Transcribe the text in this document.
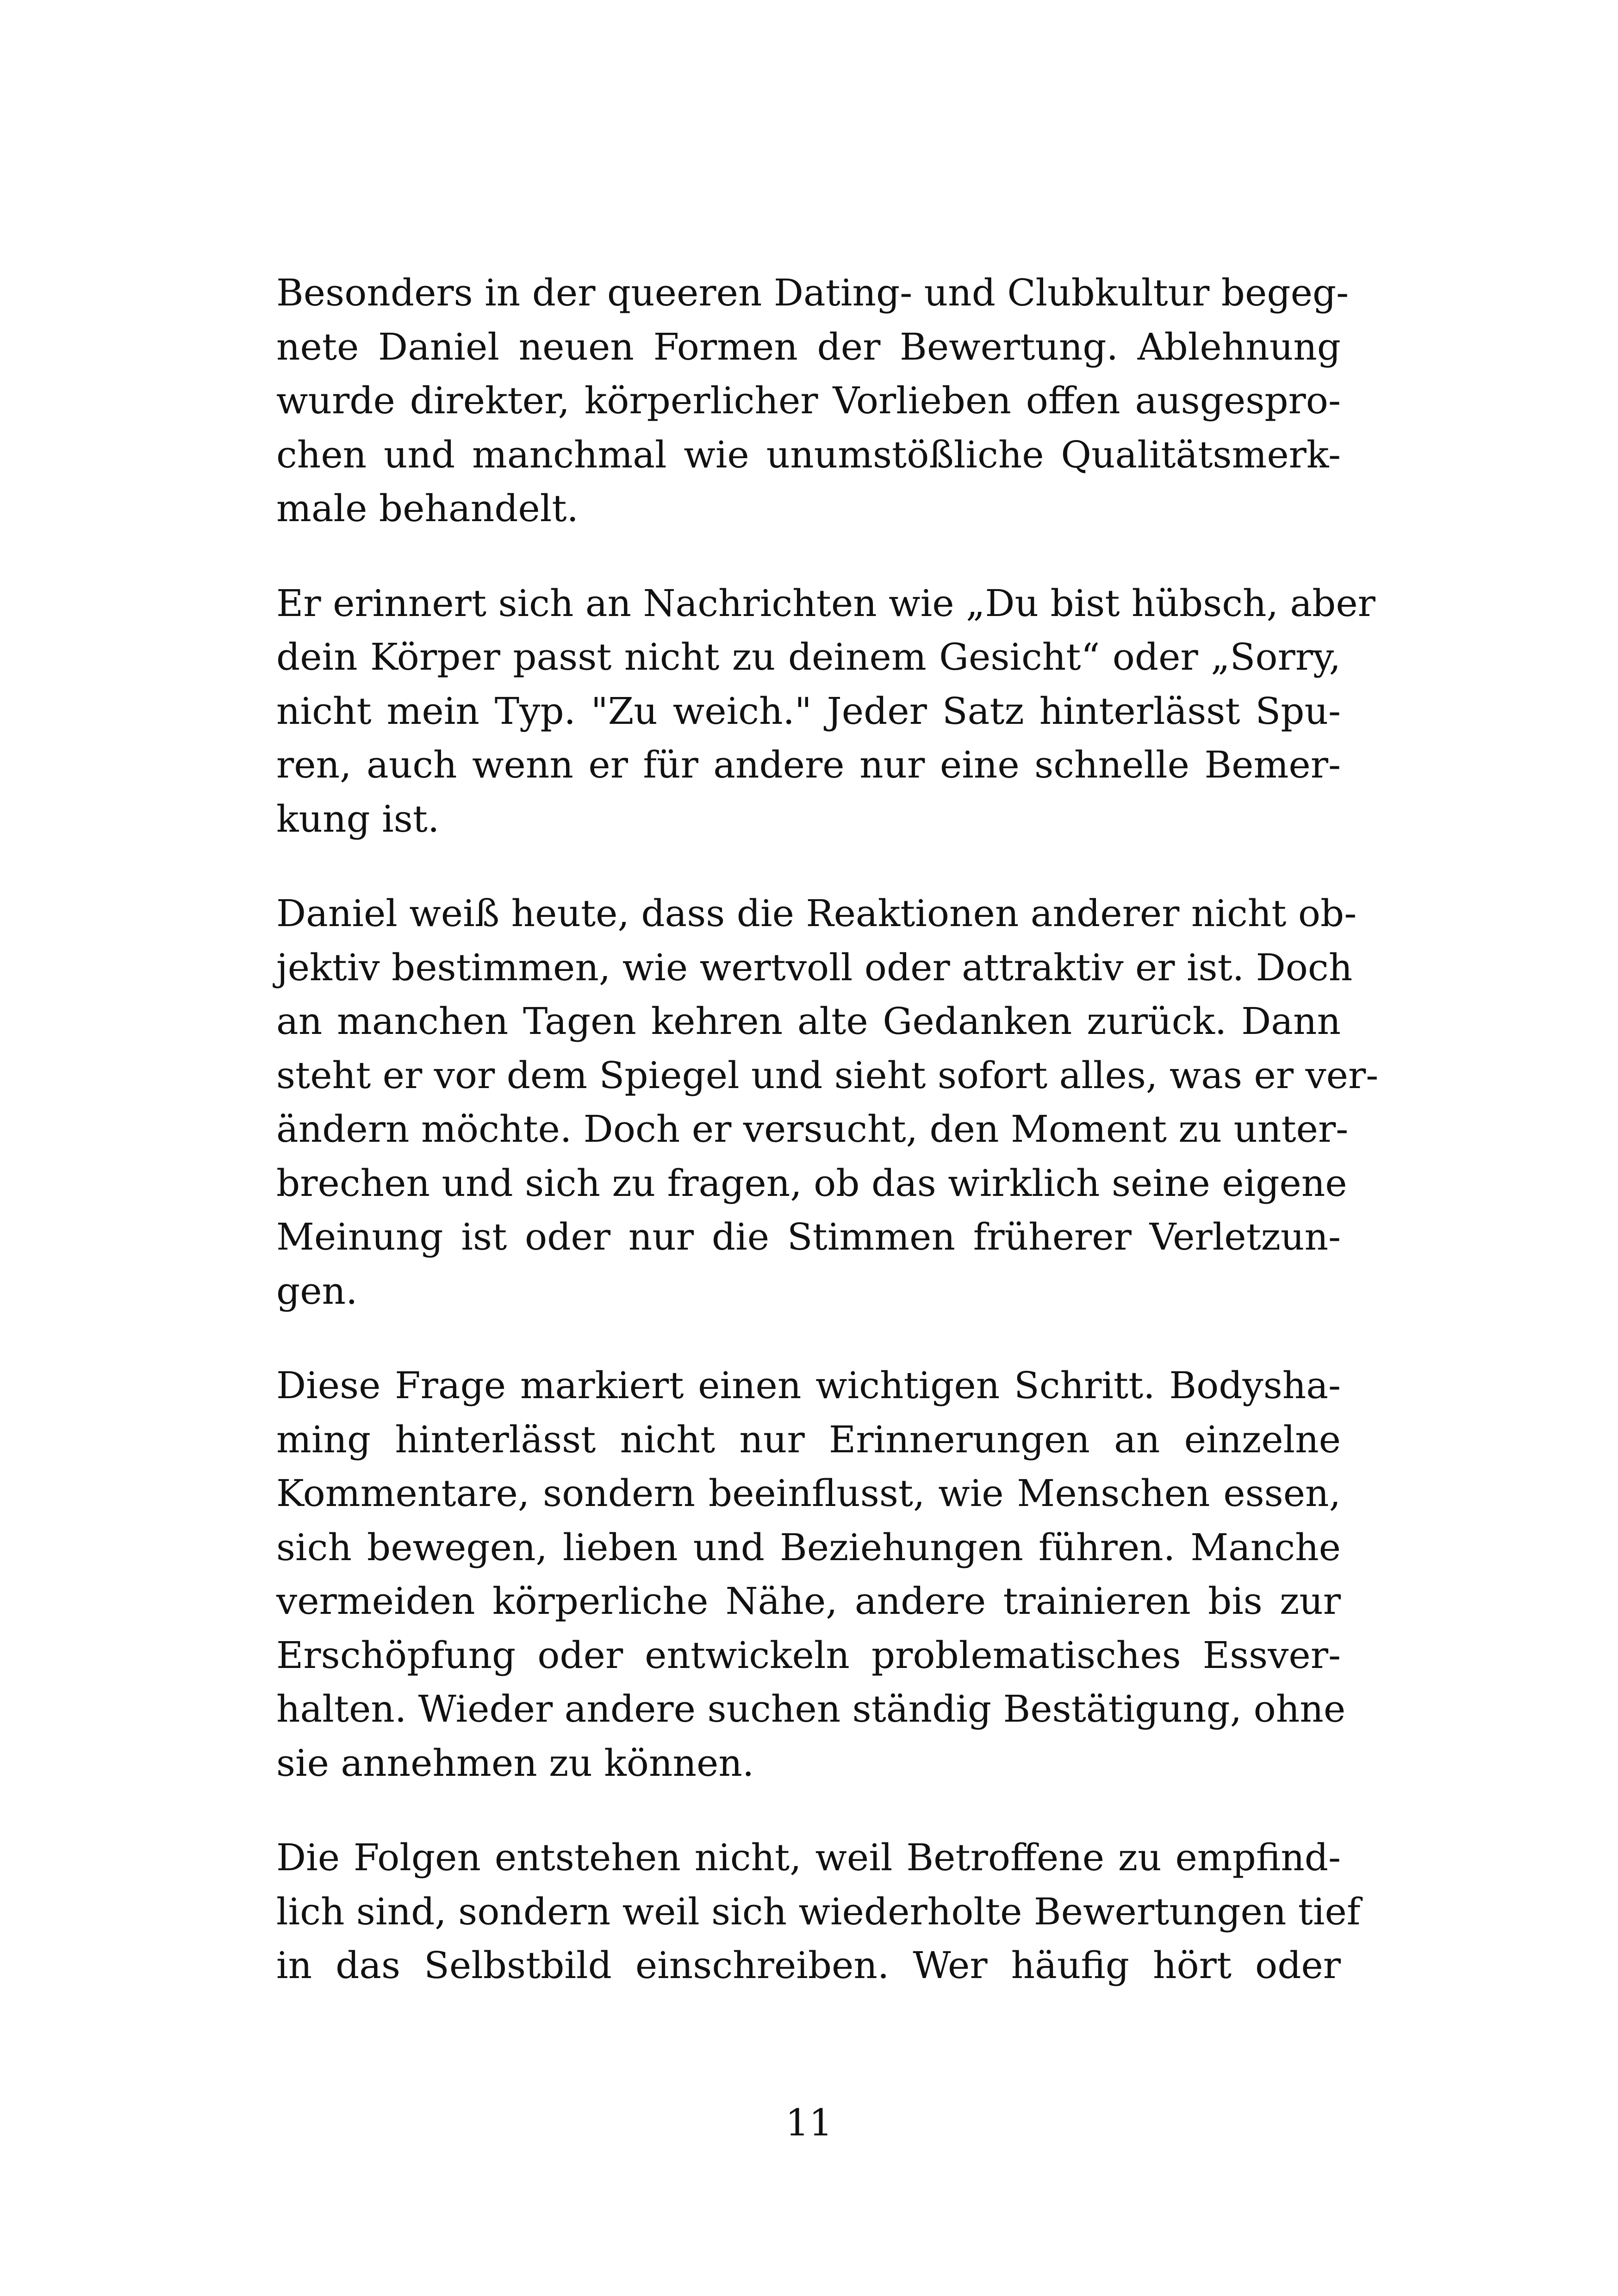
Besonders in der queeren Dating- und Clubkultur begeg-
nete Daniel neuen Formen der Bewertung. Ablehnung
wurde direkter, körperlicher Vorlieben offen ausgespro-
chen und manchmal wie unumstößliche Qualitätsmerk-
male behandelt.

Er erinnert sich an Nachrichten wie „Du bist hübsch, aber
dein Körper passt nicht zu deinem Gesicht“ oder „Sorry,
nicht mein Typ. "Zu weich." Jeder Satz hinterlässt Spu-
ren, auch wenn er für andere nur eine schnelle Bemer-
kung ist.

Daniel weiß heute, dass die Reaktionen anderer nicht ob-
jektiv bestimmen, wie wertvoll oder attraktiv er ist. Doch
an manchen Tagen kehren alte Gedanken zurück. Dann
steht er vor dem Spiegel und sieht sofort alles, was er ver-
ändern möchte. Doch er versucht, den Moment zu unter-
brechen und sich zu fragen, ob das wirklich seine eigene
Meinung ist oder nur die Stimmen früherer Verletzun-
gen.

Diese Frage markiert einen wichtigen Schritt. Bodysha-
ming hinterlässt nicht nur Erinnerungen an einzelne
Kommentare, sondern beeinflusst, wie Menschen essen,
sich bewegen, lieben und Beziehungen führen. Manche
vermeiden körperliche Nähe, andere trainieren bis zur
Erschöpfung oder entwickeln problematisches Essver-
halten. Wieder andere suchen ständig Bestätigung, ohne
sie annehmen zu können.

Die Folgen entstehen nicht, weil Betroffene zu empfind-
lich sind, sondern weil sich wiederholte Bewertungen tief
in das Selbstbild einschreiben. Wer häufig hört oder

11
